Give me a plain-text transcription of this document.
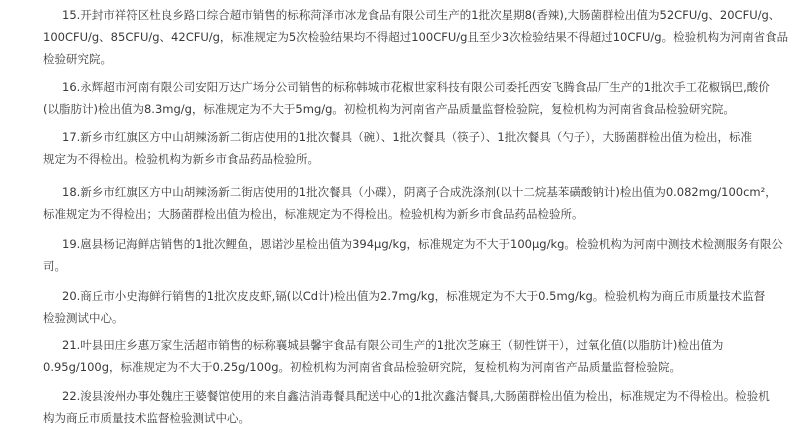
15.开封市祥符区杜良乡路口综合超市销售的标称菏泽市冰龙食品有限公司生产的1批次星期8(香辣),大肠菌群检出值为52CFU/g、20CFU/g、
100CFU/g、85CFU/g、42CFU/g，标准规定为5次检验结果均不得超过100CFU/g且至少3次检验结果不得超过10CFU/g。检验机构为河南省食品
检验研究院。

16.永辉超市河南有限公司安阳万达广场分公司销售的标称韩城市花椒世家科技有限公司委托西安飞腾食品厂生产的1批次手工花椒锅巴,酸价
(以脂肪计)检出值为8.3mg/g，标准规定为不大于5mg/g。初检机构为河南省产品质量监督检验院，复检机构为河南省食品检验研究院。

17.新乡市红旗区方中山胡辣汤新二街店使用的1批次餐具（碗）、1批次餐具（筷子）、1批次餐具（勺子），大肠菌群检出值为检出，标准
规定为不得检出。检验机构为新乡市食品药品检验所。

18.新乡市红旗区方中山胡辣汤新二街店使用的1批次餐具（小碟），阴离子合成洗涤剂(以十二烷基苯磺酸钠计)检出值为0.082mg/100cm²，
标准规定为不得检出；大肠菌群检出值为检出，标准规定为不得检出。检验机构为新乡市食品药品检验所。

19.扈县杨记海鲜店销售的1批次鲤鱼，恩诺沙星检出值为394μg/kg，标准规定为不大于100μg/kg。检验机构为河南中测技术检测服务有限公
司。

20.商丘市小史海鲜行销售的1批次皮皮虾,镉(以Cd计)检出值为2.7mg/kg，标准规定为不大于0.5mg/kg。检验机构为商丘市质量技术监督
检验测试中心。

21.叶县田庄乡惠万家生活超市销售的标称襄城县馨宇食品有限公司生产的1批次芝麻王（韧性饼干），过氧化值(以脂肪计)检出值为
0.95g/100g，标准规定为不大于0.25g/100g。初检机构为河南省食品检验研究院，复检机构为河南省产品质量监督检验院。

22.浚县浚州办事处魏庄王婆餐馆使用的来自鑫洁消毒餐具配送中心的1批次鑫洁餐具,大肠菌群检出值为检出，标准规定为不得检出。检验机
构为商丘市质量技术监督检验测试中心。
